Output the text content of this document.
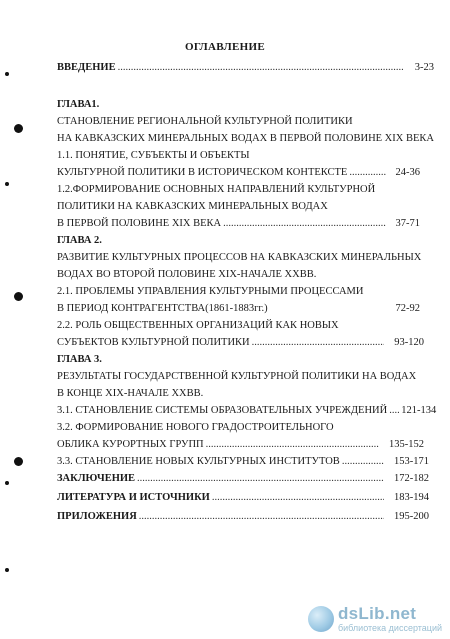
ОГЛАВЛЕНИЕ
ВВЕДЕНИЕ .....	3-23
ГЛАВА1.
СТАНОВЛЕНИЕ РЕГИОНАЛЬНОЙ КУЛЬТУРНОЙ ПОЛИТИКИ
НА КАВКАЗСКИХ МИНЕРАЛЬНЫХ ВОДАХ В ПЕРВОЙ ПОЛОВИНЕ XIX ВЕКА
1.1. ПОНЯТИЕ, СУБЪЕКТЫ И ОБЪЕКТЫ
КУЛЬТУРНОЙ ПОЛИТИКИ В ИСТОРИЧЕСКОМ КОНТЕКСТЕ .....	24-36
1.2.ФОРМИРОВАНИЕ ОСНОВНЫХ НАПРАВЛЕНИЙ КУЛЬТУРНОЙ
ПОЛИТИКИ НА КАВКАЗСКИХ МИНЕРАЛЬНЫХ ВОДАХ
В ПЕРВОЙ ПОЛОВИНЕ XIX ВЕКА .....	37-71
ГЛАВА 2.
РАЗВИТИЕ КУЛЬТУРНЫХ ПРОЦЕССОВ НА КАВКАЗСКИХ МИНЕРАЛЬНЫХ
ВОДАХ ВО ВТОРОЙ ПОЛОВИНЕ XIX-НАЧАЛЕ XXВВ.
2.1. ПРОБЛЕМЫ УПРАВЛЕНИЯ КУЛЬТУРНЫМИ ПРОЦЕССАМИ
В ПЕРИОД КОНТРАГЕНТСТВА(1861-1883гг.)	72-92
2.2. РОЛЬ ОБЩЕСТВЕННЫХ ОРГАНИЗАЦИЙ КАК НОВЫХ
СУБЪЕКТОВ КУЛЬТУРНОЙ ПОЛИТИКИ .....	93-120
ГЛАВА 3.
РЕЗУЛЬТАТЫ ГОСУДАРСТВЕННОЙ КУЛЬТУРНОЙ ПОЛИТИКИ НА ВОДАХ
В КОНЦЕ XIX-НАЧАЛЕ XXВВ.
3.1. СТАНОВЛЕНИЕ СИСТЕМЫ ОБРАЗОВАТЕЛЬНЫХ УЧРЕЖДЕНИЙ ..... 121-134
3.2. ФОРМИРОВАНИЕ НОВОГО ГРАДОСТРОИТЕЛЬНОГО
ОБЛИКА КУРОРТНЫХ ГРУПП .....	135-152
3.3. СТАНОВЛЕНИЕ НОВЫХ КУЛЬТУРНЫХ ИНСТИТУТОВ .....	153-171
ЗАКЛЮЧЕНИЕ .....	172-182
ЛИТЕРАТУРА И ИСТОЧНИКИ .....	183-194
ПРИЛОЖЕНИЯ .....	195-200
dsLib.net
библиотека диссертаций
